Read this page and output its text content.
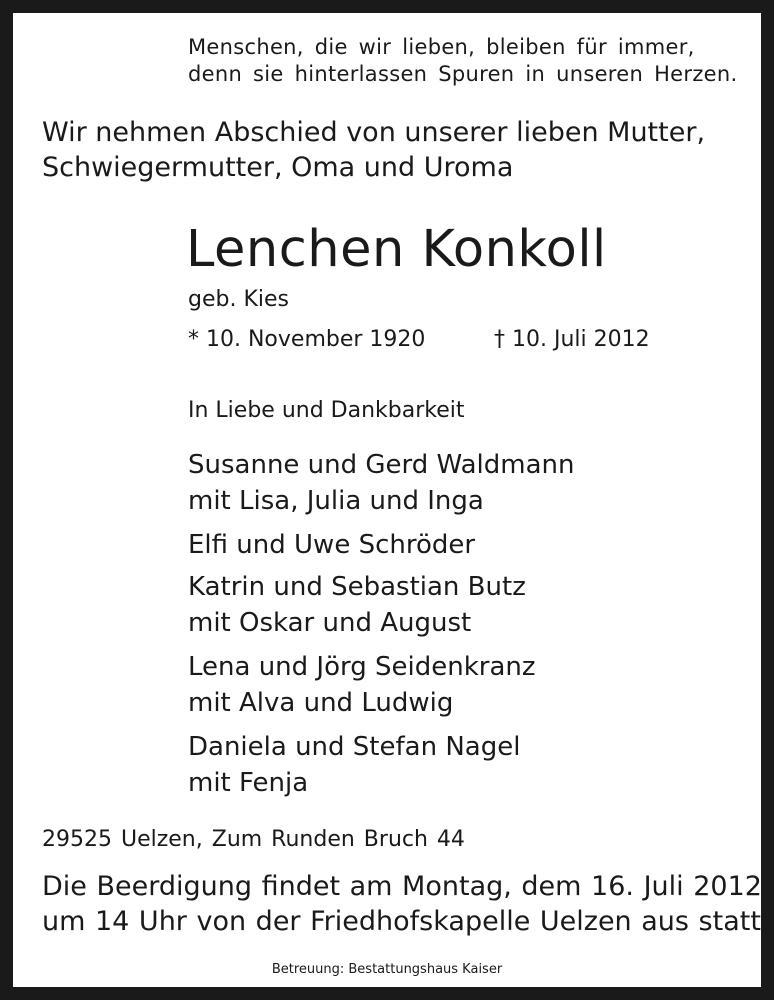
Menschen, die wir lieben, bleiben für immer,
denn sie hinterlassen Spuren in unseren Herzen.
Wir nehmen Abschied von unserer lieben Mutter,
Schwiegermutter, Oma und Uroma
Lenchen Konkoll
geb. Kies
* 10. November 1920	† 10. Juli 2012
In Liebe und Dankbarkeit
Susanne und Gerd Waldmann
mit Lisa, Julia und Inga
Elfi und Uwe Schröder
Katrin und Sebastian Butz
mit Oskar und August
Lena und Jörg Seidenkranz
mit Alva und Ludwig
Daniela und Stefan Nagel
mit Fenja
29525 Uelzen, Zum Runden Bruch 44
Die Beerdigung findet am Montag, dem 16. Juli 2012,
um 14 Uhr von der Friedhofskapelle Uelzen aus statt.
Betreuung: Bestattungshaus Kaiser
